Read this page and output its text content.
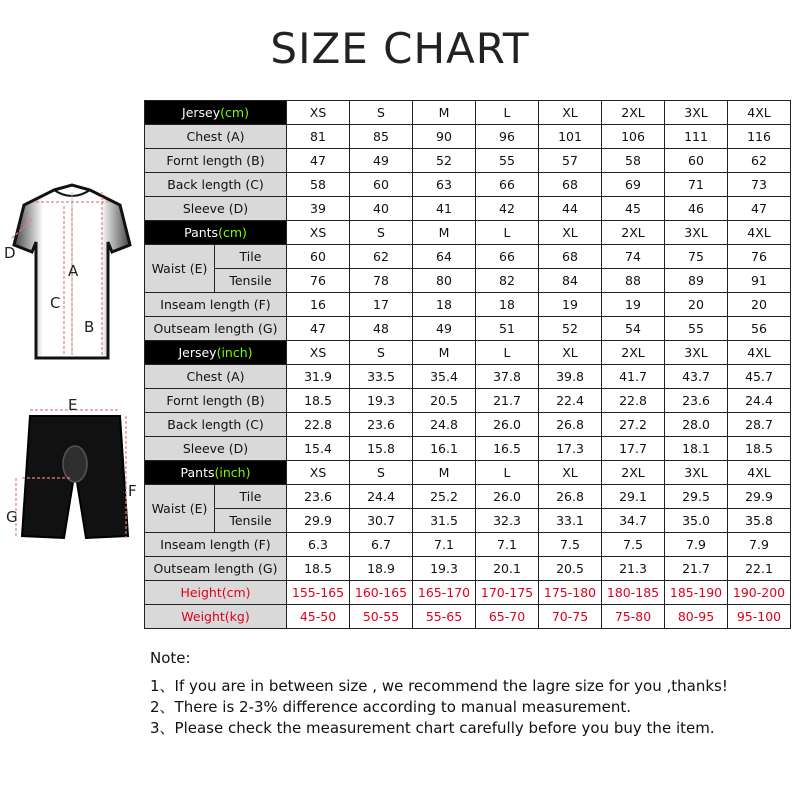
SIZE CHART
A
B
C
D
E
F
G
Jersey(cm)		XS	S	M	L	XL	2XL	3XL	4XL
Chest (A)		81	85	90	96	101	106	111	116
Fornt length (B)		47	49	52	55	57	58	60	62
Back length (C)		58	60	63	66	68	69	71	73
Sleeve (D)		39	40	41	42	44	45	46	47
Pants(cm)		XS	S	M	L	XL	2XL	3XL	4XL
Waist (E)	Tile	60	62	64	66	68	74	75	76
	Tensile	76	78	80	82	84	88	89	91
Inseam length (F)		16	17	18	18	19	19	20	20
Outseam length (G)		47	48	49	51	52	54	55	56
Jersey(inch)		XS	S	M	L	XL	2XL	3XL	4XL
Chest (A)		31.9	33.5	35.4	37.8	39.8	41.7	43.7	45.7
Fornt length (B)		18.5	19.3	20.5	21.7	22.4	22.8	23.6	24.4
Back length (C)		22.8	23.6	24.8	26.0	26.8	27.2	28.0	28.7
Sleeve (D)		15.4	15.8	16.1	16.5	17.3	17.7	18.1	18.5
Pants(inch)		XS	S	M	L	XL	2XL	3XL	4XL
Waist (E)	Tile	23.6	24.4	25.2	26.0	26.8	29.1	29.5	29.9
	Tensile	29.9	30.7	31.5	32.3	33.1	34.7	35.0	35.8
Inseam length (F)		6.3	6.7	7.1	7.1	7.5	7.5	7.9	7.9
Outseam length (G)		18.5	18.9	19.3	20.1	20.5	21.3	21.7	22.1
Height(cm)		155-165	160-165	165-170	170-175	175-180	180-185	185-190	190-200
Weight(kg)		45-50	50-55	55-65	65-70	70-75	75-80	80-95	95-100
Note:
1、If you are in between size , we recommend the lagre size for you ,thanks!
2、There is 2-3% difference according to manual measurement.
3、Please check the measurement chart carefully before you buy the item.
